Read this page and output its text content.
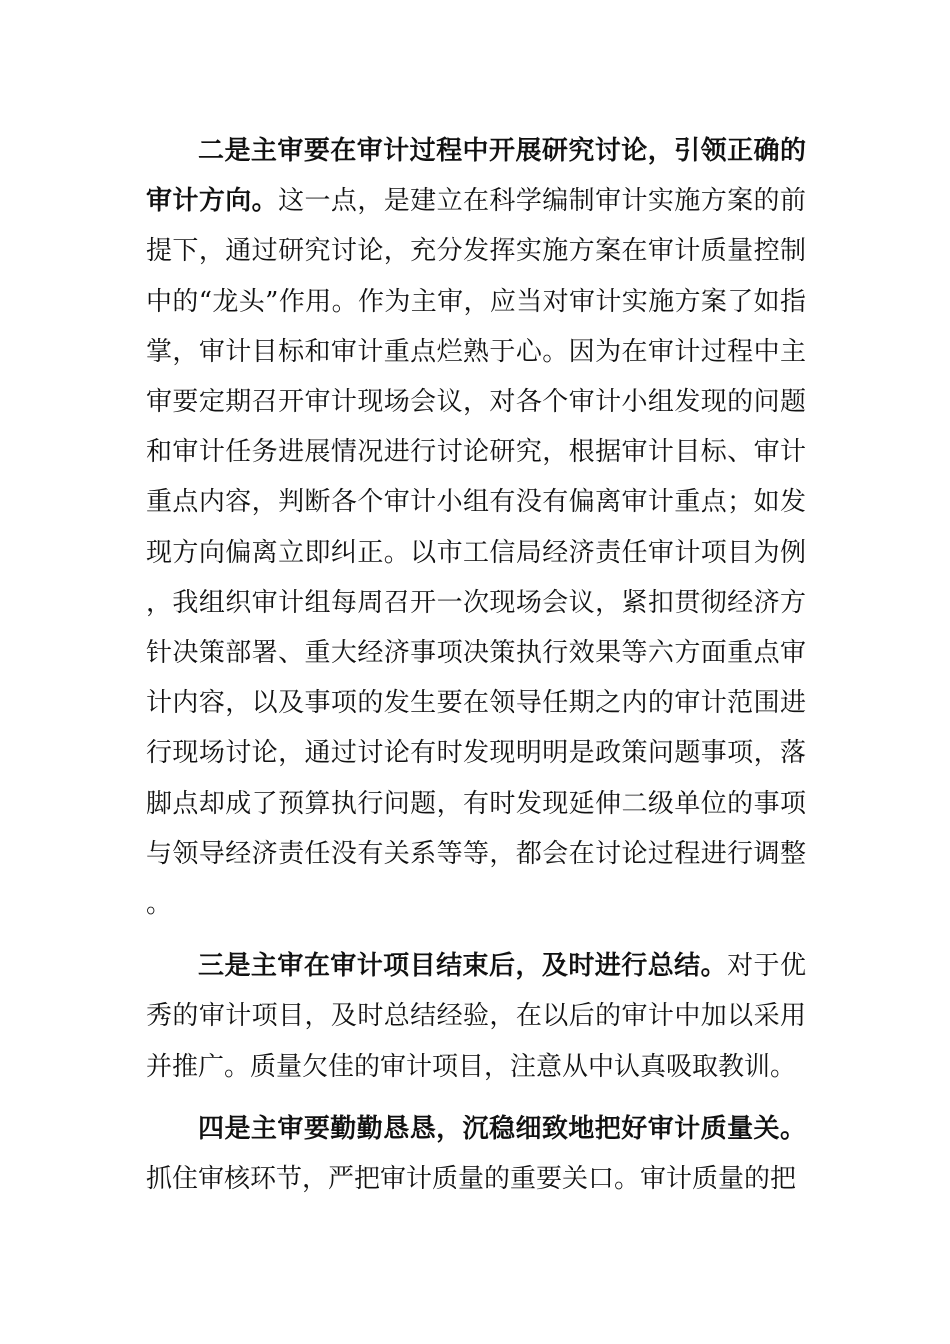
二是主审要在审计过程中开展研究讨论，引领正确的审计方向。这一点，是建立在科学编制审计实施方案的前提下，通过研究讨论，充分发挥实施方案在审计质量控制中的“龙头”作用。作为主审，应当对审计实施方案了如指掌，审计目标和审计重点烂熟于心。因为在审计过程中主审要定期召开审计现场会议，对各个审计小组发现的问题和审计任务进展情况进行讨论研究，根据审计目标、审计重点内容，判断各个审计小组有没有偏离审计重点；如发现方向偏离立即纠正。以市工信局经济责任审计项目为例，我组织审计组每周召开一次现场会议，紧扣贯彻经济方针决策部署、重大经济事项决策执行效果等六方面重点审计内容，以及事项的发生要在领导任期之内的审计范围进行现场讨论，通过讨论有时发现明明是政策问题事项，落脚点却成了预算执行问题，有时发现延伸二级单位的事项与领导经济责任没有关系等等，都会在讨论过程进行调整。

三是主审在审计项目结束后，及时进行总结。对于优秀的审计项目，及时总结经验，在以后的审计中加以采用并推广。质量欠佳的审计项目，注意从中认真吸取教训。

四是主审要勤勤恳恳，沉稳细致地把好审计质量关。抓住审核环节，严把审计质量的重要关口。审计质量的把
